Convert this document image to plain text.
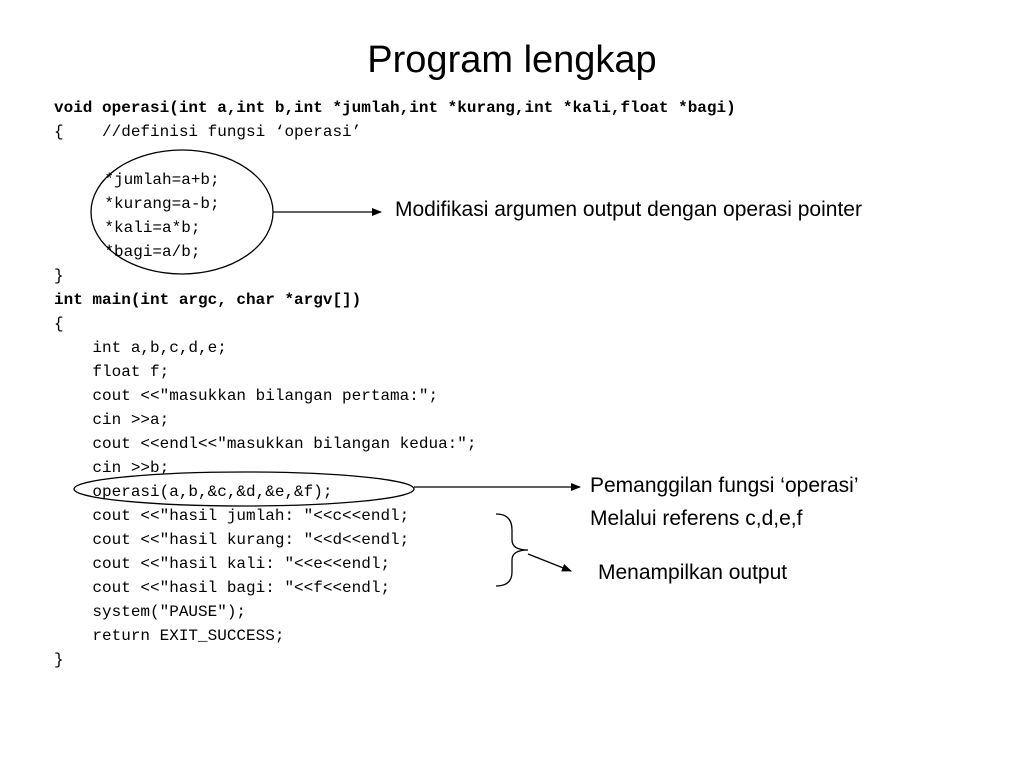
Program lengkap
void operasi(int a,int b,int *jumlah,int *kurang,int *kali,float *bagi)
{    //definisi fungsi ‘operasi’
*jumlah=a+b;
*kurang=a-b;
*kali=a*b;
*bagi=a/b;
}
int main(int argc, char *argv[])
{
int a,b,c,d,e;
float f;
cout <<"masukkan bilangan pertama:";
cin >>a;
cout <<endl<<"masukkan bilangan kedua:";
cin >>b;
operasi(a,b,&c,&d,&e,&f);
cout <<"hasil jumlah: "<<c<<endl;
cout <<"hasil kurang: "<<d<<endl;
cout <<"hasil kali: "<<e<<endl;
cout <<"hasil bagi: "<<f<<endl;
system("PAUSE");
return EXIT_SUCCESS;
}
Modifikasi argumen output dengan operasi pointer
Pemanggilan fungsi ‘operasi’
Melalui referens c,d,e,f
Menampilkan output
